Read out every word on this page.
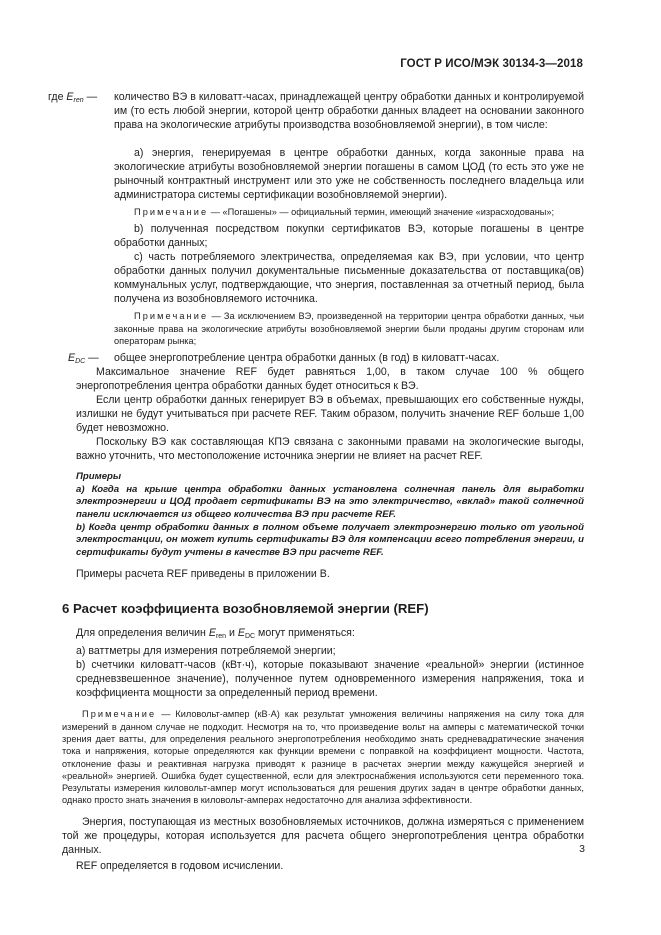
ГОСТ Р ИСО/МЭК 30134-3—2018
где $E_{ren}$ — количество ВЭ в киловатт-часах, принадлежащей центру обработки данных и контролируемой им (то есть любой энергии, которой центр обработки данных владеет на основании законного права на экологические атрибуты производства возобновляемой энергии), в том числе:

а) энергия, генерируемая в центре обработки данных, когда законные права на экологические атрибуты возобновляемой энергии погашены в самом ЦОД (то есть это уже не рыночный контрактный инструмент или это уже не собственность последнего владельца или администратора системы сертификации возобновляемой энергии).

Примечание — «Погашены» — официальный термин, имеющий значение «израсходованы»;

b) полученная посредством покупки сертификатов ВЭ, которые погашены в центре обработки данных;

с) часть потребляемого электричества, определяемая как ВЭ, при условии, что центр обработки данных получил документальные письменные доказательства от поставщика(ов) коммунальных услуг, подтверждающие, что энергия, поставленная за отчетный период, была получена из возобновляемого источника.

Примечание — За исключением ВЭ, произведенной на территории центра обработки данных, чьи законные права на экологические атрибуты возобновляемой энергии были проданы другим сторонам или операторам рынка;

$E_{DC}$ — общее энергопотребление центра обработки данных (в год) в киловатт-часах.

Максимальное значение REF будет равняться 1,00, в таком случае 100 % общего энергопотребления центра обработки данных будет относиться к ВЭ.

Если центр обработки данных генерирует ВЭ в объемах, превышающих его собственные нужды, излишки не будут учитываться при расчете REF. Таким образом, получить значение REF больше 1,00 будет невозможно.

Поскольку ВЭ как составляющая КПЭ связана с законными правами на экологические выгоды, важно уточнить, что местоположение источника энергии не влияет на расчет REF.

Примеры

а) Когда на крыше центра обработки данных установлена солнечная панель для выработки электроэнергии и ЦОД продает сертификаты ВЭ на это электричество, «вклад» такой солнечной панели исключается из общего количества ВЭ при расчете REF.

b) Когда центр обработки данных в полном объеме получает электроэнергию только от угольной электростанции, он может купить сертификаты ВЭ для компенсации всего потребления энергии, и сертификаты будут учтены в качестве ВЭ при расчете REF.

Примеры расчета REF приведены в приложении В.

6 Расчет коэффициента возобновляемой энергии (REF)

Для определения величин $E_{ren}$ и $E_{DC}$ могут применяться:

а) ваттметры для измерения потребляемой энергии;

b) счетчики киловатт-часов (кВт·ч), которые показывают значение «реальной» энергии (истинное средневзвешенное значение), полученное путем одновременного измерения напряжения, тока и коэффициента мощности за определенный период времени.

Примечание — Киловольт-ампер (кВ·А) как результат умножения величины напряжения на силу тока для измерений в данном случае не подходит. Несмотря на то, что произведение вольт на амперы с математической точки зрения дает ватты, для определения реального энергопотребления необходимо знать средневадратические значения тока и напряжения, которые определяются как функции времени с поправкой на коэффициент мощности. Частота, отклонение фазы и реактивная нагрузка приводят к разнице в расчетах энергии между кажущейся энергией и «реальной» энергией. Ошибка будет существенной, если для электроснабжения используются сети переменного тока. Результаты измерения киловольт-ампер могут использоваться для решения других задач в центре обработки данных, однако просто знать значения в киловольт-амперах недостаточно для анализа эффективности.

Энергия, поступающая из местных возобновляемых источников, должна измеряться с применением той же процедуры, которая используется для расчета общего энергопотребления центра обработки данных.

REF определяется в годовом исчислении.

3
